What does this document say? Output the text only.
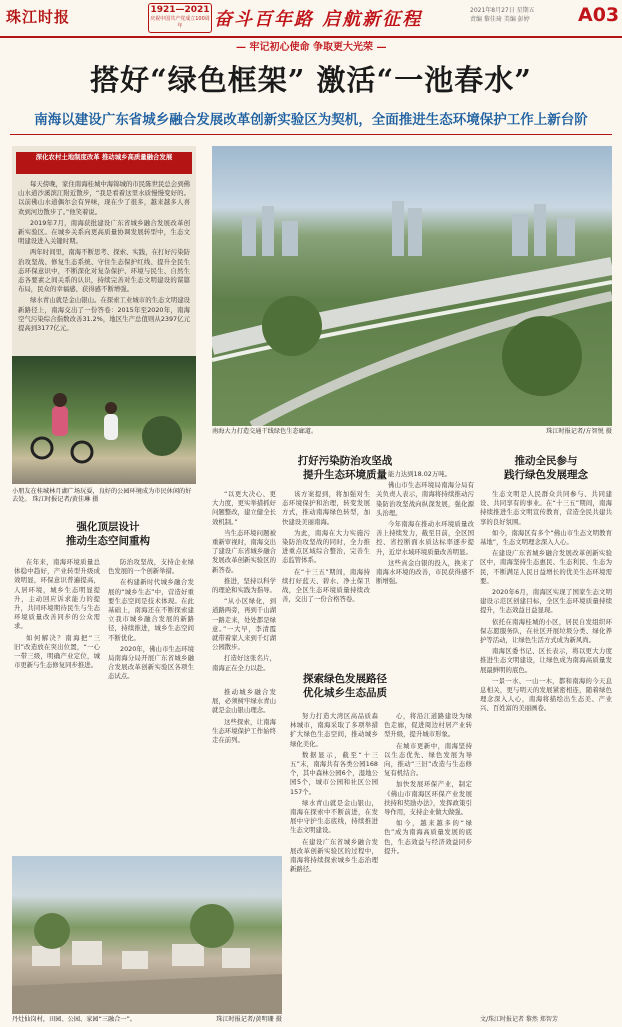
珠江时报	1921—2021
庆祝中国共产党成立100周年	奋斗百年路 启航新征程	2021年8月27日 星期五
责编 黎佳琦 美编 彭婷	A03
— 牢记初心使命 争取更大光荣 —
搭好“绿色框架” 激活“一池春水”
南海以建设广东省城乡融合发展改革创新实验区为契机，全面推进生态环境保护工作上新台阶
深化农村土地制度改革 推动城乡高质量融合发展

每天傍晚，家住南海桂城中海锦城的市民陈世民总会到佛山水道沙溪滨江附近散步，“我是看着这里水质慢慢变好的。以前佛山水道偶尔会有异味，现在少了很多，越来越多人喜欢到河边散步了。”他笑着说。

2019年7月，南海获批建设广东省城乡融合发展改革创新实验区。在城乡关系向更高质量协调发展转型中，生态文明建设进入关键时期。

两年时间里，南海不断思考、探索、实践，在打好污染防治攻坚战、修复生态系统、守住生态保护红线、提升全民生态环保意识中，不断深化对复杂保护、环境与民生、自然生态各要素之间关系的认识，持续完善对生态文明建设的谋篇布局，民众的幸福感、获得感不断增强。

绿水青山就是金山银山。在探索工业城市的生态文明建设新路径上，南海交出了一份答卷：2015年至2020年，南海空气污染综合指数改善31.2%，地区生产总值则从2397亿元提高到3177亿元。

南海大力打造交通干线绿色生态廊道。	珠江时报记者/方智悦 摄
小朋友在桂城林月湖广场玩耍，良好的公园环境成为市民休闲的好去处。 珠江时报记者/黄佳琳 摄
丹灶仙岗村，田园、公园、家园“三融合一”。	珠江时报记者/黄明珊 摄
强化顶层设计
推动生态空间重构
打好污染防治攻坚战
提升生态环境质量
推动全民参与
践行绿色发展理念
探索绿色发展路径
优化城乡生态品质

在年来，南海环境质量总体稳中趋好，产业转型升级成效明显，环保意识普遍提高，人居环境，城乡生态明显提升，主动回应诉求能力的提升，共同环境期待民生与生态环境质量改善同步的公众需求。

如何解决？南海把“三旧”改造放在突出位置，“一心一带三级，明确产业定位，城市更新与生态修复同步推进。

防治攻坚战，支持企业绿色发展的一个创新举措。

在构建新时代城乡融合发展的“城乡生态”中，营造好重要生态空间是技术体现。在此基础上，南海还在不断探索建立我市城乡融合发展的新路径，持续推进，城乡生态空间不断优化。

2020年，佛山市生态环境局南海分局开展广东省城乡融合发展改革创新实验区各项生态试点。

“以更大决心、更大力度，更实举措抓好问题整改，建立健全长效机制。”

当生态环境问题被重新审视时，南海交出了建设广东省城乡融合发展改革创新实验区的新答卷。

推进，坚持以科学的理论和实践为指导。

“从小区绿化，到道路两旁，再到千山湖一路走来，处处都是绿意。”一大早，李清霞就带着家人来到千灯湖公园散步。

打造好这张名片，南海正在全力以赴。

推动城乡融合发展，必须树牢绿水青山就是金山银山理念。

这些探索，让南海生态环境保护工作始终走在前列。

该方案提到，将加强对生态环境保护和治理，转变发展方式，推动南海绿色转型，加快建设美丽南海。

为此，南海在大力实施污染防治攻坚战的同时，全力推进重点区域综合整治，完善生态监管体系。

在“十三五”期间，南海持续打好蓝天、碧水、净土保卫战，全区生态环境质量持续改善，交出了一份合格答卷。

能力达到18.02万吨。

佛山市生态环境局南海分局有关负责人表示，南海将持续推动污染防治攻坚战向纵深发展，强化源头治理。

今年南海在推动水环境质量改善上持续发力，截至目前，全区国控、省控断面水质达标率逐步提升，近岸水域环境质量改善明显。

这些真金白银的投入，换来了南海水环境的改善，市民获得感不断增强。

努力打造大湾区高品质森林城市，南海采取了多项举措扩大绿色生态空间，推动城乡绿化美化。

数据显示，截至“十三五”末，南海共有各类公园168个，其中森林公园6个，湿地公园5个，城市公园和社区公园157个。

绿水青山就是金山银山，南海在探索中不断前进，在发展中守护生态底线，持续推进生态文明建设。

在建设广东省城乡融合发展改革创新实验区的过程中，南海将持续探索城乡生态治理新路径。

心，将沿江道路建设为绿色走廊，促进周边村居产业转型升级，提升城市形象。

在城市更新中，南海坚持以生态优先、绿色发展为导向，推动“三旧”改造与生态修复有机结合。

加快发展环保产业，制定《佛山市南海区环保产业发展扶持和奖励办法》，发挥政策引导作用，支持企业做大做强。

如今，越来越多的“绿色”成为南海高质量发展的底色，生态效益与经济效益同步提升。

生态文明是人民群众共同参与、共同建设、共同享有的事业。在“十三五”期间，南海持续推进生态文明宣传教育，营造全民共建共享的良好氛围。

如今，南海区有多个“佛山市生态文明教育基地”，生态文明理念深入人心。

在建设广东省城乡融合发展改革创新实验区中，南海坚持生态惠民、生态利民、生态为民，不断满足人民日益增长的优美生态环境需要。

2020年6月，南海区实现了国家生态文明建设示范区创建目标，全区生态环境质量持续提升，生态效益日益显现。

依托在南海桂城的小区，居民自发组织环保志愿服务队，在社区开展垃圾分类、绿化养护等活动，让绿色生活方式成为新风尚。

南海区委书记、区长表示，将以更大力度推进生态文明建设，让绿色成为南海高质量发展最鲜明的底色。

一景一水、一山一木，都和南海的今天息息相关，更与明天的发展紧密相连，随着绿色理念深入人心，南海将描绘出生态美、产业兴、百姓富的美丽画卷。

文/珠江时报记者 黎然 郑智芳
